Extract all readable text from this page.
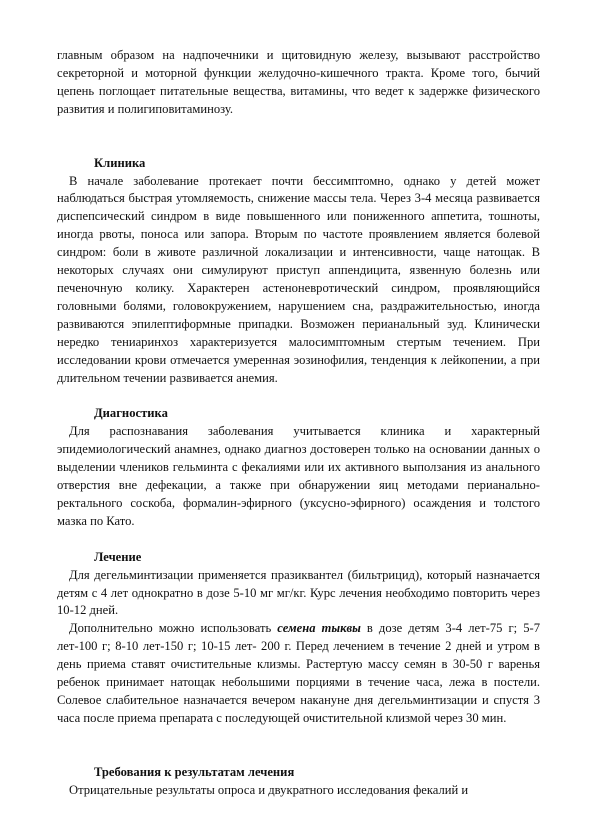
главным образом на надпочечники и щитовидную железу, вызывают расстройство секреторной и моторной функции желудочно-кишечного тракта. Кроме того, бычий цепень поглощает питательные вещества, витамины, что ведет к задержке физического развития и полигиповитаминозу.

Клиника

В начале заболевание протекает почти бессимптомно, однако у детей может наблюдаться быстрая утомляемость, снижение массы тела. Через 3-4 месяца развивается диспепсический синдром в виде повышенного или пониженного аппетита, тошноты, иногда рвоты, поноса или запора. Вторым по частоте проявлением является болевой синдром: боли в животе различной локализации и интенсивности, чаще натощак. В некоторых случаях они симулируют приступ аппендицита, язвенную болезнь или печеночную колику. Характерен астеноневротический синдром, проявляющийся головными болями, головокружением, нарушением сна, раздражительностью, иногда развиваются эпилептиформные припадки. Возможен перианальный зуд. Клинически нередко тениаринхоз характеризуется малосимптомным стертым течением. При исследовании крови отмечается умеренная эозинофилия, тенденция к лейкопении, а при длительном течении развивается анемия.

Диагностика

Для распознавания заболевания учитывается клиника и характерный эпидемиологический анамнез, однако диагноз достоверен только на основании данных о выделении члеников гельминта с фекалиями или их активного выползания из анального отверстия вне дефекации, а также при обнаружении яиц методами перианально-ректального соскоба, формалин-эфирного (уксусно-эфирного) осаждения и толстого мазка по Като.

Лечение

Для дегельминтизации применяется празиквантел (бильтрицид), который назначается детям с 4 лет однократно в дозе 5-10 мг мг/кг. Курс лечения необходимо повторить через 10-12 дней.

Дополнительно можно использовать семена тыквы в дозе детям 3-4 лет-75 г; 5-7 лет-100 г; 8-10 лет-150 г; 10-15 лет- 200 г. Перед лечением в течение 2 дней и утром в день приема ставят очистительные клизмы. Растертую массу семян в 30-50 г варенья ребенок принимает натощак небольшими порциями в течение часа, лежа в постели. Солевое слабительное назначается вечером накануне дня дегельминтизации и спустя 3 часа после приема препарата с последующей очистительной клизмой через 30 мин.

Требования к результатам лечения

Отрицательные результаты опроса и двукратного исследования фекалий и
